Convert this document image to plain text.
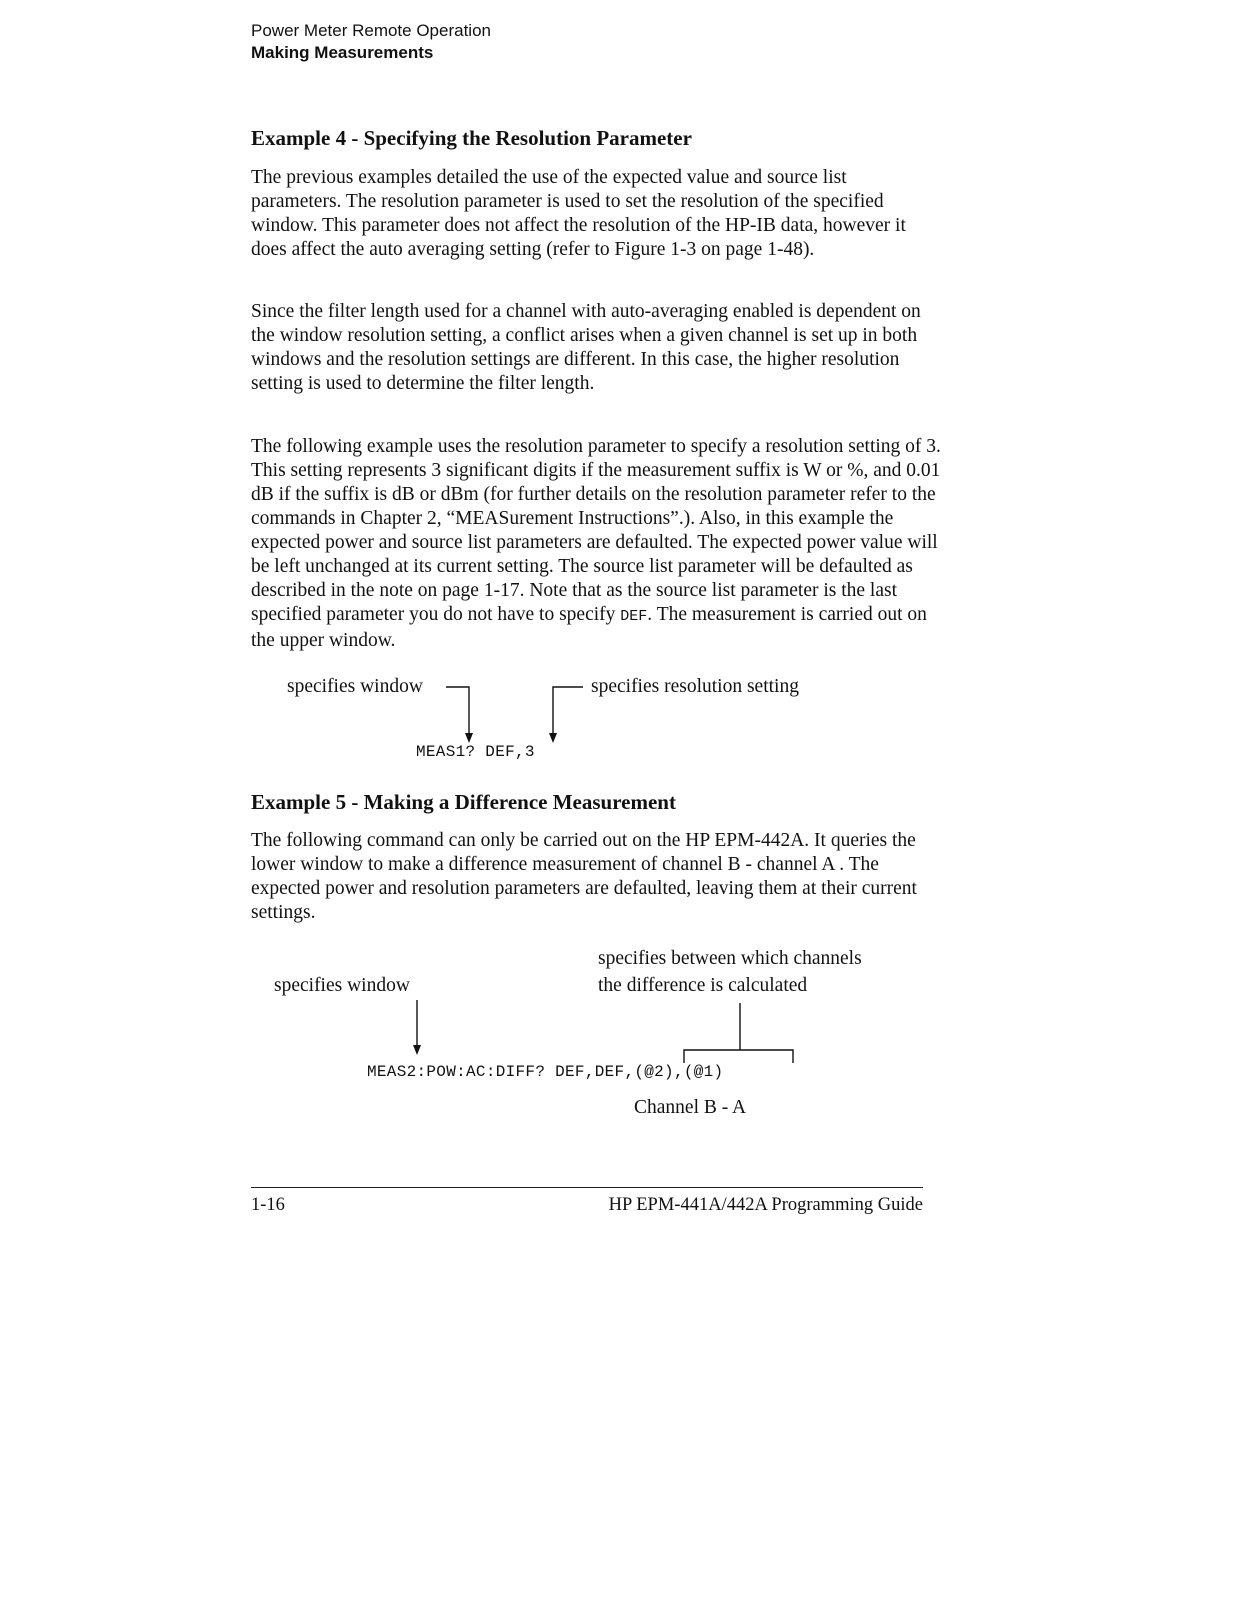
Power Meter Remote Operation
Making Measurements
Example 4 - Specifying the Resolution Parameter

The previous examples detailed the use of the expected value and source list parameters. The resolution parameter is used to set the resolution of the specified window. This parameter does not affect the resolution of the HP-IB data, however it does affect the auto averaging setting (refer to Figure 1-3 on page 1-48).

Since the filter length used for a channel with auto-averaging enabled is dependent on the window resolution setting, a conflict arises when a given channel is set up in both windows and the resolution settings are different. In this case, the higher resolution setting is used to determine the filter length.

The following example uses the resolution parameter to specify a resolution setting of 3. This setting represents 3 significant digits if the measurement suffix is W or %, and 0.01 dB if the suffix is dB or dBm (for further details on the resolution parameter refer to the commands in Chapter 2, “MEASurement Instructions”.). Also, in this example the expected power and source list parameters are defaulted. The expected power value will be left unchanged at its current setting. The source list parameter will be defaulted as described in the note on page 1-17. Note that as the source list parameter is the last specified parameter you do not have to specify DEF. The measurement is carried out on the upper window.

specifies window	specifies resolution setting
MEAS1? DEF,3
Example 5 - Making a Difference Measurement

The following command can only be carried out on the HP EPM-442A. It queries the lower window to make a difference measurement of channel B - channel A . The expected power and resolution parameters are defaulted, leaving them at their current settings.

specifies window
specifies between which channels
the difference is calculated
MEAS2:POW:AC:DIFF? DEF,DEF,(@2),(@1)
Channel B - A
1-16	HP EPM-441A/442A Programming Guide
